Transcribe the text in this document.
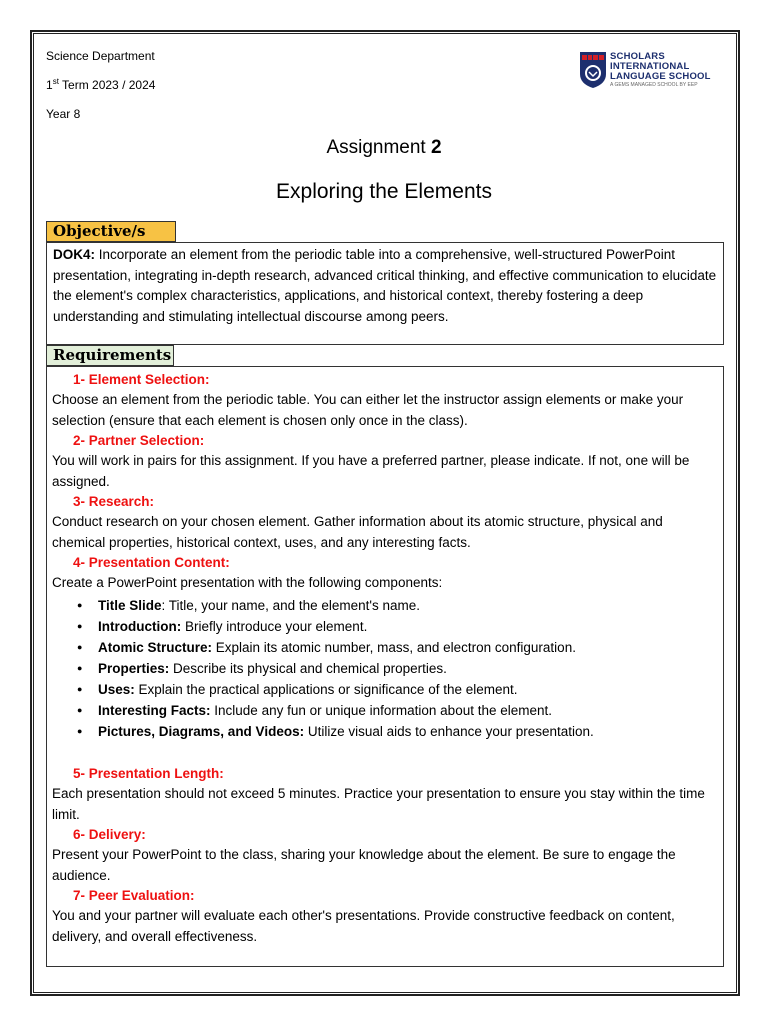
Science Department
1st Term 2023 / 2024
Year 8
SCHOLARS
INTERNATIONAL
LANGUAGE SCHOOL
A GEMS MANAGED SCHOOL BY EEP
Assignment 2
Exploring the Elements
Objective/s
DOK4: Incorporate an element from the periodic table into a comprehensive, well-structured PowerPoint presentation, integrating in-depth research, advanced critical thinking, and effective communication to elucidate the element's complex characteristics, applications, and historical context, thereby fostering a deep understanding and stimulating intellectual discourse among peers.
Requirements
1- Element Selection:
Choose an element from the periodic table. You can either let the instructor assign elements or make your selection (ensure that each element is chosen only once in the class).
2- Partner Selection:
You will work in pairs for this assignment. If you have a preferred partner, please indicate. If not, one will be assigned.
3- Research:
Conduct research on your chosen element. Gather information about its atomic structure, physical and chemical properties, historical context, uses, and any interesting facts.
4- Presentation Content:
Create a PowerPoint presentation with the following components:
● Title Slide: Title, your name, and the element's name.
● Introduction: Briefly introduce your element.
● Atomic Structure: Explain its atomic number, mass, and electron configuration.
● Properties: Describe its physical and chemical properties.
● Uses: Explain the practical applications or significance of the element.
● Interesting Facts: Include any fun or unique information about the element.
● Pictures, Diagrams, and Videos: Utilize visual aids to enhance your presentation.
5- Presentation Length:
Each presentation should not exceed 5 minutes. Practice your presentation to ensure you stay within the time limit.
6- Delivery:
Present your PowerPoint to the class, sharing your knowledge about the element. Be sure to engage the audience.
7- Peer Evaluation:
You and your partner will evaluate each other's presentations. Provide constructive feedback on content, delivery, and overall effectiveness.
